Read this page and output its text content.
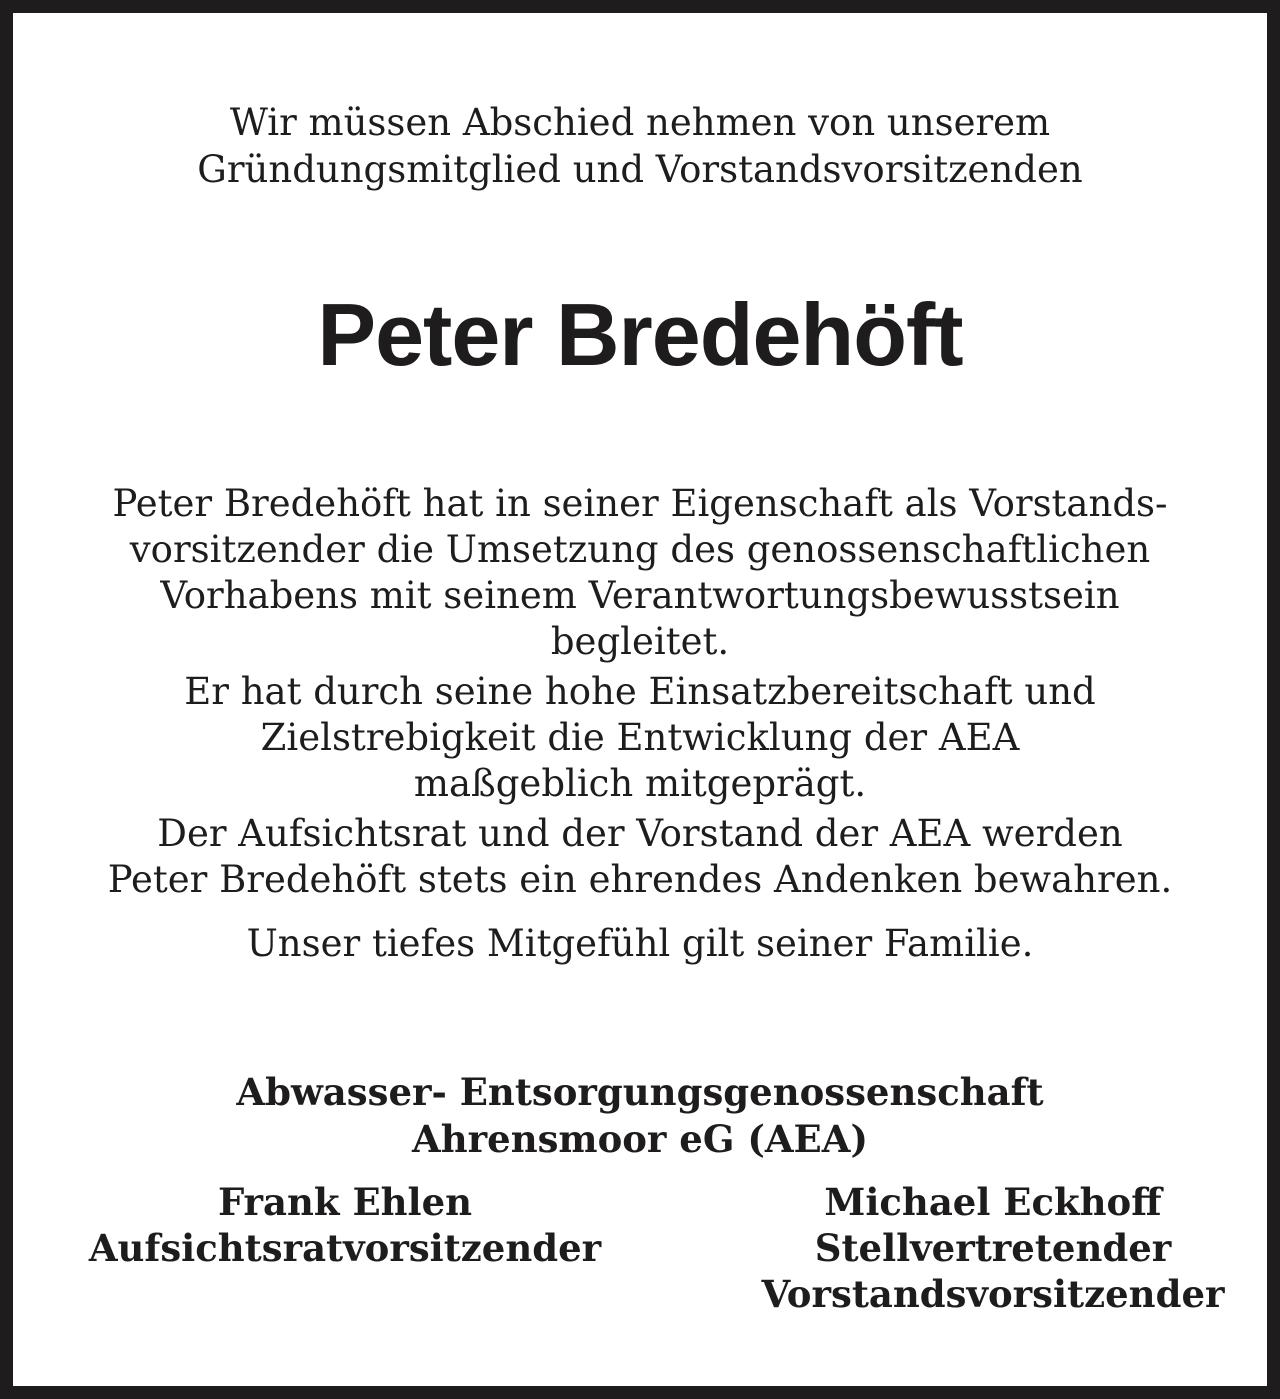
Wir müssen Abschied nehmen von unserem
Gründungsmitglied und Vorstandsvorsitzenden
Peter Bredehöft
Peter Bredehöft hat in seiner Eigenschaft als Vorstands-
vorsitzender die Umsetzung des genossenschaftlichen
Vorhabens mit seinem Verantwortungsbewusstsein
begleitet.
Er hat durch seine hohe Einsatzbereitschaft und
Zielstrebigkeit die Entwicklung der AEA
maßgeblich mitgeprägt.
Der Aufsichtsrat und der Vorstand der AEA werden
Peter Bredehöft stets ein ehrendes Andenken bewahren.
Unser tiefes Mitgefühl gilt seiner Familie.
Abwasser- Entsorgungsgenossenschaft
Ahrensmoor eG (AEA)
Frank Ehlen
Aufsichtsratvorsitzender
Michael Eckhoff
Stellvertretender
Vorstandsvorsitzender
